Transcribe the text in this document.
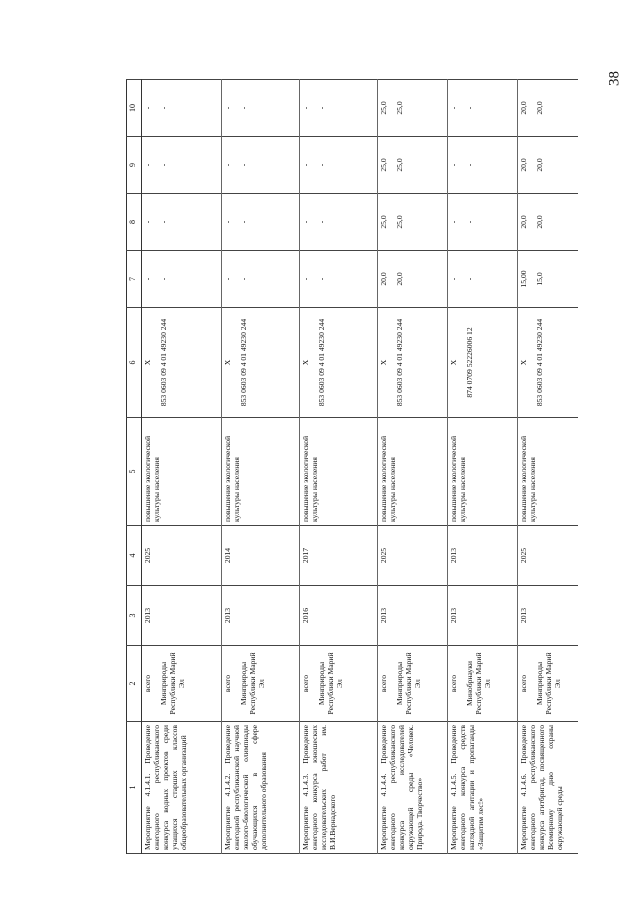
38
1	2	3	4	5	6	7	8	9	10
Мероприятие 4.1.4.1. Проведение ежегодного республиканского конкурса водных проектов среди учащихся старших классов общеобразовательных организаций	всего Минприроды Республики Марий Эл	2013	2025	повышение экологической культуры населения	X 853 0603 09 4 01 49230 244	- -	- -	- -	- -

Мероприятие 4.1.4.2. Проведение ежегодной республиканской научной эколого-биологической олимпиады обучающихся в сфере дополнительного образования	всего Минприроды Республики Марий Эл	2013	2014	повышение экологической культуры населения	X 853 0603 09 4 01 49230 244	- -	- -	- -	- -

Мероприятие 4.1.4.3. Проведение ежегодного конкурса юношеских исследовательских работ им. В.И.Вернадского	всего Минприроды Республики Марий Эл	2016	2017	повышение экологической культуры населения	X 853 0603 09 4 01 49230 244	- -	- -	- -	- -

Мероприятие 4.1.4.4. Проведение ежегодного республиканского конкурса исследователей окружающей среды «Человек. Природа. Творчество»	всего Минприроды Республики Марий Эл	2013	2025	повышение экологической культуры населения	X 853 0603 09 4 01 49230 244	20,0 20,0	25,0 25,0	25,0 25,0	25,0 25,0

Мероприятие 4.1.4.5. Проведение ежегодного конкурса средств наглядной агитации и пропаганды «Защитим лес!»	всего Минобрнауки Республики Марий Эл	2013	2013	повышение экологической культуры населения	X 874 0709 52226006 12	- -	- -	- -	- -

Мероприятие 4.1.4.6. Проведение ежегодного республиканского конкурса агитбригад, посвященного Всемирному дню охраны окружающей среды	всего Минприроды Республики Марий Эл	2013	2025	повышение экологической культуры населения	X 853 0603 09 4 01 49230 244	15,00 15,0	20,0 20,0	20,0 20,0	20,0 20,0
